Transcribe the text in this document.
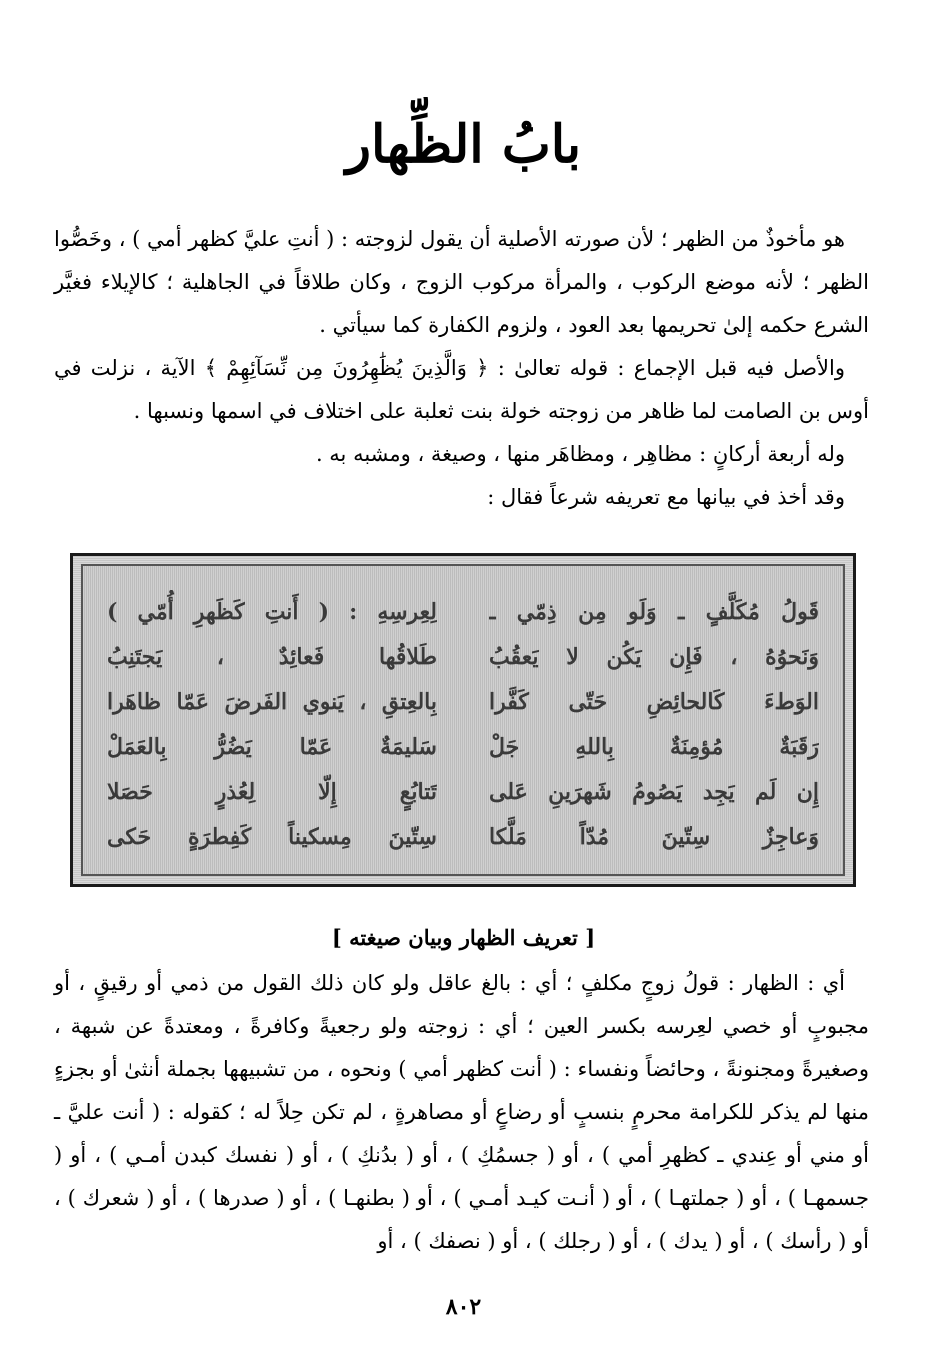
بابُ الظِّهار

هو مأخوذٌ من الظهر ؛ لأن صورته الأصلية أن يقول لزوجته : ( أنتِ عليَّ كظهر أمي ) ، وخَصُّوا الظهر ؛ لأنه موضع الركوب ، والمرأة مركوب الزوج ، وكان طلاقاً في الجاهلية ؛ كالإيلاء فغيَّر الشرع حكمه إلىٰ تحريمها بعد العود ، ولزوم الكفارة كما سيأتي .

والأصل فيه قبل الإجماع : قوله تعالىٰ : ﴿ وَالَّذِينَ يُظَٰهِرُونَ مِن نِّسَآئِهِمْ ﴾ الآية ، نزلت في أوس بن الصامت لما ظاهر من زوجته خولة بنت ثعلبة على اختلاف في اسمها ونسبها .

وله أربعة أركانٍ : مظاهِر ، ومظاهَر منها ، وصيغة ، ومشبه به .

وقد أخذ في بيانها مع تعريفه شرعاً فقال :

قَولُ مُكَلَّفٍ ـ وَلَو مِن ذِمّي ـ
لِعِرسِهِ : ( أَنتِ كَظَهرِ أُمّي )
وَنَحوُهُ ، فَإِن يَكُن لا يَعقُبُ
طَلاقُها فَعائِدٌ ، يَجتَنِبُ
الوَطءَ كَالحائِضِ حَتّى كَفَّرا
بِالعِتقِ ، يَنوي الفَرضَ عَمّا ظاهَرا
رَقَبَةٌ مُؤمِنَةٌ بِاللهِ جَلْ
سَليمَةٌ عَمّا يَضُرُّ بِالعَمَلْ
إِن لَم يَجِد يَصُومُ شَهرَينِ عَلى
تَتابُعٍ إِلّا لِعُذرٍ حَصَلا
وَعاجِزٌ سِتّينَ مُدّاً مَلَّكا
سِتّينَ مِسكيناً كَفِطرَةٍ حَكى
[ تعريف الظهار وبيان صيغته ]

أي : الظهار : قولُ زوجٍ مكلفٍ ؛ أي : بالغ عاقل ولو كان ذلك القول من ذمي أو رقيقٍ ، أو مجبوبٍ أو خصي لعِرسه بكسر العين ؛ أي : زوجته ولو رجعيةً وكافرةً ، ومعتدةً عن شبهة ، وصغيرةً ومجنونةً ، وحائضاً ونفساء : ( أنت كظهر أمي ) ونحوه ، من تشبيهها بجملة أنثىٰ أو بجزءٍ منها لم يذكر للكرامة محرمٍ بنسبٍ أو رضاعٍ أو مصاهرةٍ ، لم تكن حِلاً له ؛ كقوله : ( أنت عليَّ ـ أو مني أو عِندي ـ كظهرِ أمي ) ، أو ( جسمُكِ ) ، أو ( بدُنكِ ) ، أو ( نفسك كبدن أمـي ) ، أو ( جسمهـا ) ، أو ( جملتهـا ) ، أو ( أنـت كيـد أمـي ) ، أو ( بطنهـا ) ، أو ( صدرها ) ، أو ( شعرك ) ، أو ( رأسك ) ، أو ( يدك ) ، أو ( رجلك ) ، أو ( نصفك ) ، أو

٨٠٢
